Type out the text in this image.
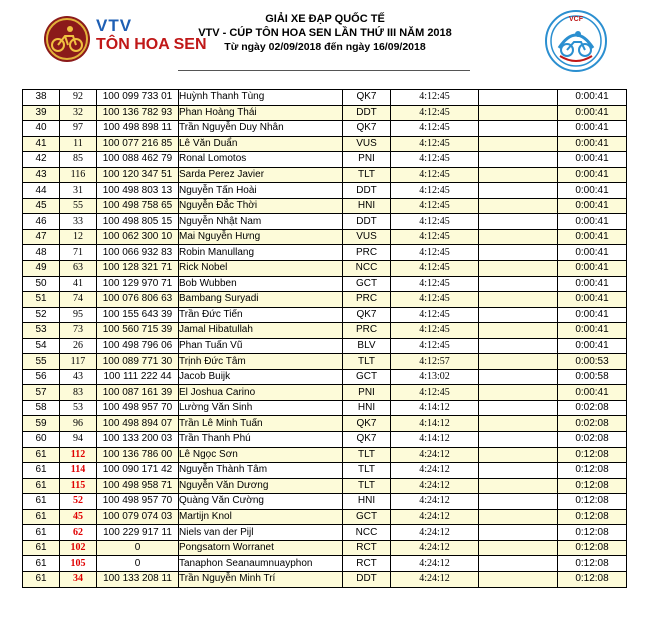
VTV
TÔN HOA SEN
GIẢI XE ĐẠP QUỐC TẾ
VTV - CÚP TÔN HOA SEN LẦN THỨ III NĂM 2018
Từ ngày 02/09/2018 đến ngày 16/09/2018
VCF
38	92	100 099 733 01	Huỳnh Thanh Tùng	QK7	4:12:45		0:00:41
39	32	100 136 782 93	Phan Hoàng Thái	DDT	4:12:45		0:00:41
40	97	100 498 898 11	Trần Nguyễn Duy Nhân	QK7	4:12:45		0:00:41
41	11	100 077 216 85	Lê Văn Duẩn	VUS	4:12:45		0:00:41
42	85	100 088 462 79	Ronal Lomotos	PNI	4:12:45		0:00:41
43	116	100 120 347 51	Sarda Perez Javier	TLT	4:12:45		0:00:41
44	31	100 498 803 13	Nguyễn Tấn Hoài	DDT	4:12:45		0:00:41
45	55	100 498 758 65	Nguyễn Đắc Thời	HNI	4:12:45		0:00:41
46	33	100 498 805 15	Nguyễn Nhật Nam	DDT	4:12:45		0:00:41
47	12	100 062 300 10	Mai Nguyễn Hưng	VUS	4:12:45		0:00:41
48	71	100 066 932 83	Robin Manullang	PRC	4:12:45		0:00:41
49	63	100 128 321 71	Rick Nobel	NCC	4:12:45		0:00:41
50	41	100 129 970 71	Bob Wubben	GCT	4:12:45		0:00:41
51	74	100 076 806 63	Bambang Suryadi	PRC	4:12:45		0:00:41
52	95	100 155 643 39	Trần Đức Tiến	QK7	4:12:45		0:00:41
53	73	100 560 715 39	Jamal Hibatullah	PRC	4:12:45		0:00:41
54	26	100 498 796 06	Phan Tuấn Vũ	BLV	4:12:45		0:00:41
55	117	100 089 771 30	Trịnh Đức Tâm	TLT	4:12:57		0:00:53
56	43	100 111 222 44	Jacob Buijk	GCT	4:13:02		0:00:58
57	83	100 087 161 39	El Joshua Carino	PNI	4:12:45		0:00:41
58	53	100 498 957 70	Lường Văn Sinh	HNI	4:14:12		0:02:08
59	96	100 498 894 07	Trần Lê Minh Tuấn	QK7	4:14:12		0:02:08
60	94	100 133 200 03	Trần Thanh Phú	QK7	4:14:12		0:02:08
61	112	100 136 786 00	Lê Ngọc Sơn	TLT	4:24:12		0:12:08
61	114	100 090 171 42	Nguyễn Thành Tâm	TLT	4:24:12		0:12:08
61	115	100 498 958 71	Nguyễn Văn Dương	TLT	4:24:12		0:12:08
61	52	100 498 957 70	Quàng Văn Cường	HNI	4:24:12		0:12:08
61	45	100 079 074 03	Martijn Knol	GCT	4:24:12		0:12:08
61	62	100 229 917 11	Niels van der Pijl	NCC	4:24:12		0:12:08
61	102	0	Pongsatorn Worranet	RCT	4:24:12		0:12:08
61	105	0	Tanaphon Seanaumnuayphon	RCT	4:24:12		0:12:08
61	34	100 133 208 11	Trần Nguyễn Minh Trí	DDT	4:24:12		0:12:08
